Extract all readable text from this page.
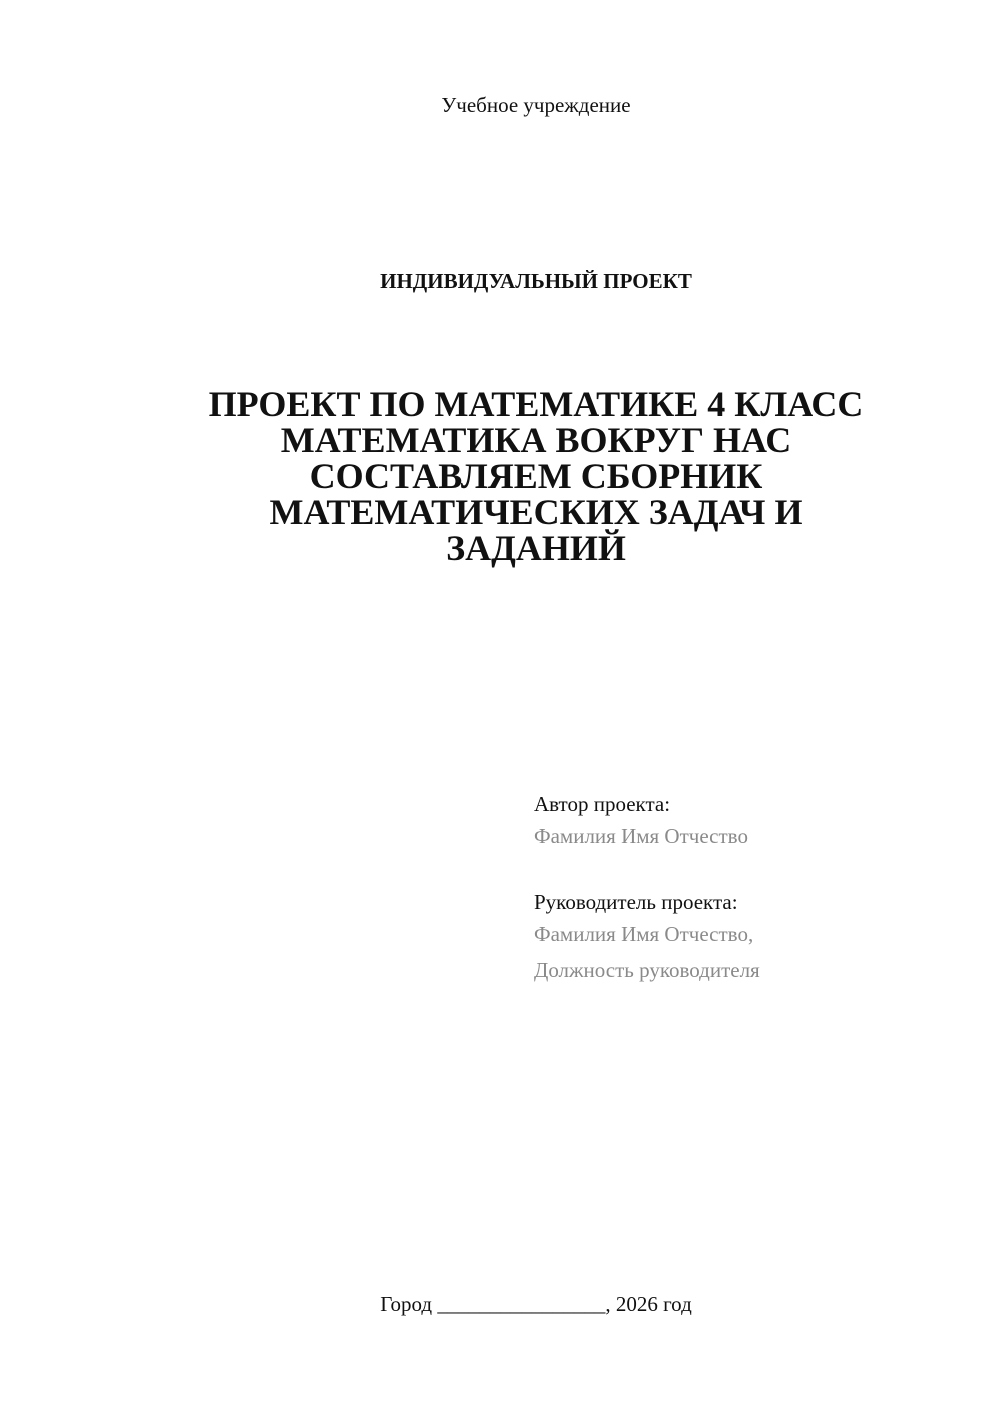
Учебное учреждение
ИНДИВИДУАЛЬНЫЙ ПРОЕКТ
ПРОЕКТ ПО МАТЕМАТИКЕ 4 КЛАСС
МАТЕМАТИКА ВОКРУГ НАС
СОСТАВЛЯЕМ СБОРНИК
МАТЕМАТИЧЕСКИХ ЗАДАЧ И
ЗАДАНИЙ
Автор проекта:
Фамилия Имя Отчество
Руководитель проекта:
Фамилия Имя Отчество,
Должность руководителя
Город ________________, 2026 год
